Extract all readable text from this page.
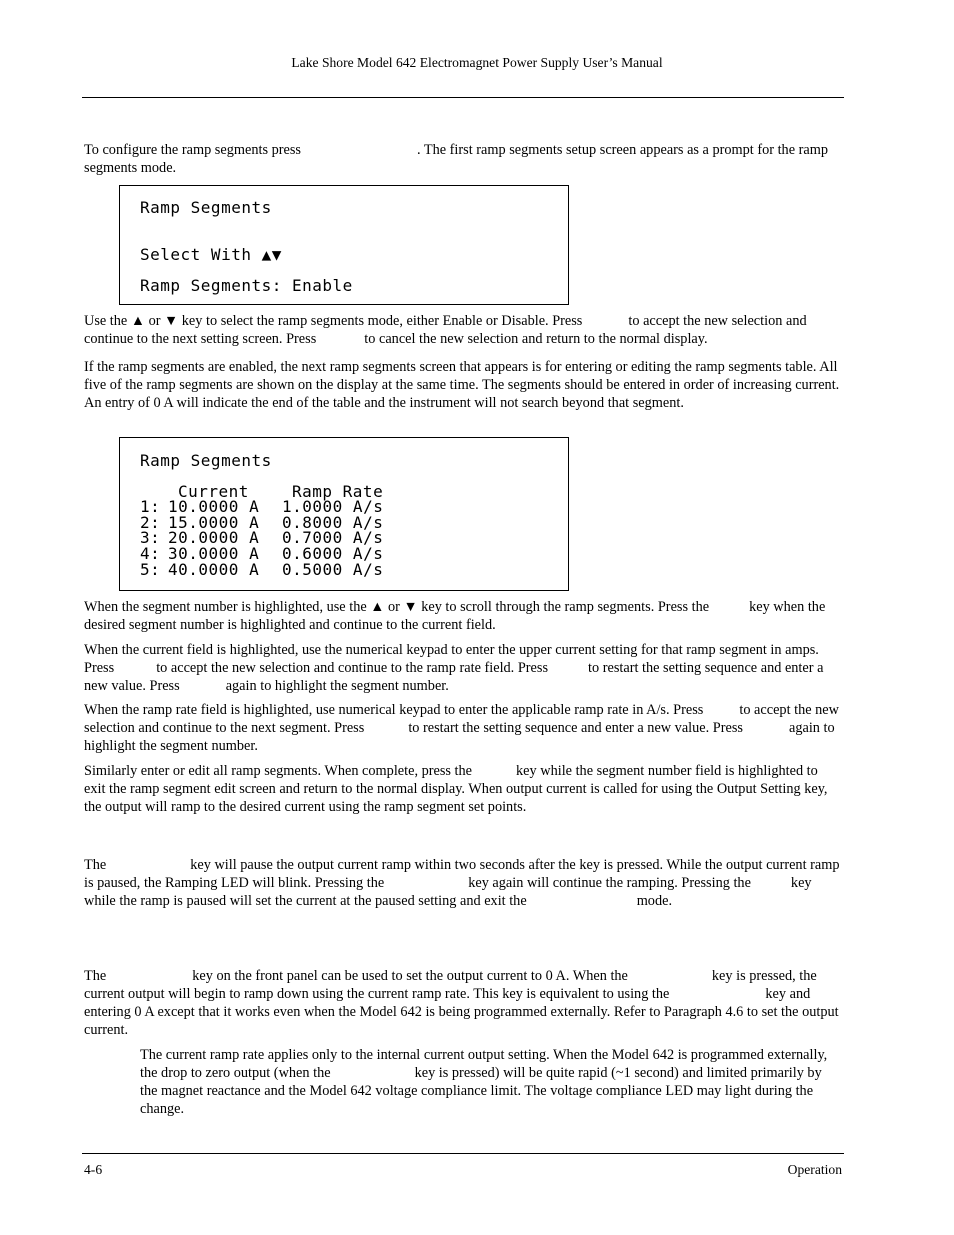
Lake Shore Model 642 Electromagnet Power Supply User’s Manual

To configure the ramp segments press	. The first ramp segments setup screen appears as a prompt for the ramp segments mode.

Ramp Segments
Select With ▲▼
Ramp Segments: Enable

Use the ▲ or ▼ key to select the ramp segments mode, either Enable or Disable. Press	to accept the new selection and continue to the next setting screen. Press	to cancel the new selection and return to the normal display.

If the ramp segments are enabled, the next ramp segments screen that appears is for entering or editing the ramp segments table. All five of the ramp segments are shown on the display at the same time. The segments should be entered in order of increasing current. An entry of 0 A will indicate the end of the table and the instrument will not search beyond that segment.

Ramp Segments
Current	Ramp Rate
1: 10.0000 A 1.0000 A/s
2: 15.0000 A 0.8000 A/s
3: 20.0000 A 0.7000 A/s
4: 30.0000 A 0.6000 A/s
5: 40.0000 A 0.5000 A/s

When the segment number is highlighted, use the ▲ or ▼ key to scroll through the ramp segments. Press the	key when the desired segment number is highlighted and continue to the current field.

When the current field is highlighted, use the numerical keypad to enter the upper current setting for that ramp segment in amps. Press	to accept the new selection and continue to the ramp rate field. Press	to restart the setting sequence and enter a new value. Press	again to highlight the segment number.

When the ramp rate field is highlighted, use numerical keypad to enter the applicable ramp rate in A/s. Press	to accept the new selection and continue to the next segment. Press	to restart the setting sequence and enter a new value. Press	again to highlight the segment number.

Similarly enter or edit all ramp segments. When complete, press the	key while the segment number field is highlighted to exit the ramp segment edit screen and return to the normal display. When output current is called for using the Output Setting key, the output will ramp to the desired current using the ramp segment set points.

The	key will pause the output current ramp within two seconds after the key is pressed. While the output current ramp is paused, the Ramping LED will blink. Pressing the	key again will continue the ramping. Pressing the	key while the ramp is paused will set the current at the paused setting and exit the	mode.

The	key on the front panel can be used to set the output current to 0 A. When the	key is pressed, the current output will begin to ramp down using the current ramp rate. This key is equivalent to using the	key and entering 0 A except that it works even when the Model 642 is being programmed externally. Refer to Paragraph 4.6 to set the output current.

The current ramp rate applies only to the internal current output setting. When the Model 642 is programmed externally, the drop to zero output (when the	key is pressed) will be quite rapid (~1 second) and limited primarily by the magnet reactance and the Model 642 voltage compliance limit. The voltage compliance LED may light during the change.

4-6	Operation
